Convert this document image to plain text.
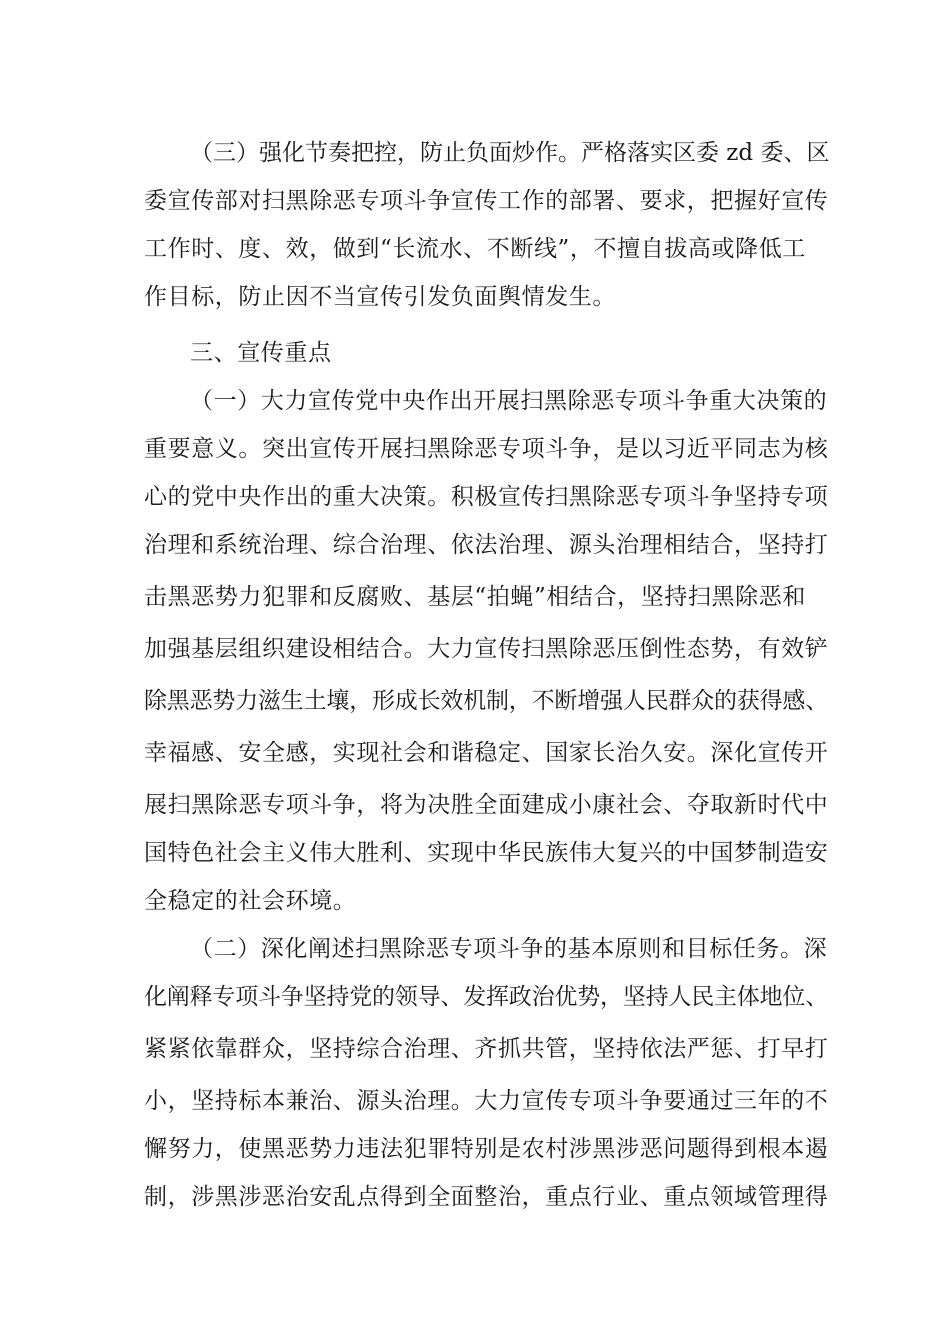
（三）强化节奏把控，防止负面炒作。严格落实区委 zd 委、区
委宣传部对扫黑除恶专项斗争宣传工作的部署、要求，把握好宣传
工作时、度、效，做到“长流水、不断线”，不擅自拔高或降低工
作目标，防止因不当宣传引发负面舆情发生。
三、宣传重点
（一）大力宣传党中央作出开展扫黑除恶专项斗争重大决策的
重要意义。突出宣传开展扫黑除恶专项斗争，是以习近平同志为核
心的党中央作出的重大决策。积极宣传扫黑除恶专项斗争坚持专项
治理和系统治理、综合治理、依法治理、源头治理相结合，坚持打
击黑恶势力犯罪和反腐败、基层“拍蝇”相结合，坚持扫黑除恶和
加强基层组织建设相结合。大力宣传扫黑除恶压倒性态势，有效铲
除黑恶势力滋生土壤，形成长效机制，不断增强人民群众的获得感、
幸福感、安全感，实现社会和谐稳定、国家长治久安。深化宣传开
展扫黑除恶专项斗争，将为决胜全面建成小康社会、夺取新时代中
国特色社会主义伟大胜利、实现中华民族伟大复兴的中国梦制造安
全稳定的社会环境。
（二）深化阐述扫黑除恶专项斗争的基本原则和目标任务。深
化阐释专项斗争坚持党的领导、发挥政治优势，坚持人民主体地位、
紧紧依靠群众，坚持综合治理、齐抓共管，坚持依法严惩、打早打
小，坚持标本兼治、源头治理。大力宣传专项斗争要通过三年的不
懈努力，使黑恶势力违法犯罪特别是农村涉黑涉恶问题得到根本遏
制，涉黑涉恶治安乱点得到全面整治，重点行业、重点领域管理得
